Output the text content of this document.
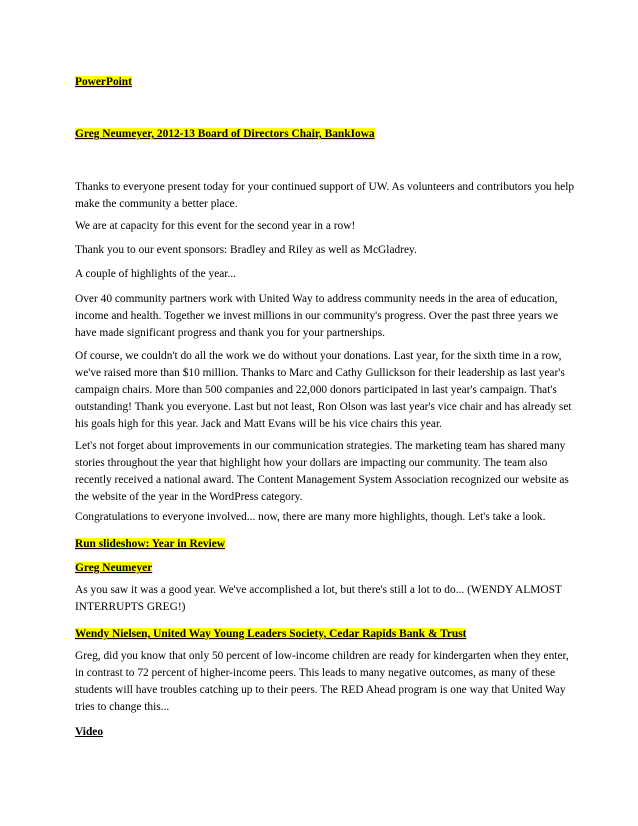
PowerPoint
Greg Neumeyer, 2012-13 Board of Directors Chair, BankIowa

Thanks to everyone present today for your continued support of UW. As volunteers and contributors you help make the community a better place.

We are at capacity for this event for the second year in a row!

Thank you to our event sponsors: Bradley and Riley as well as McGladrey.

A couple of highlights of the year...

Over 40 community partners work with United Way to address community needs in the area of education, income and health. Together we invest millions in our community's progress. Over the past three years we have made significant progress and thank you for your partnerships.

Of course, we couldn't do all the work we do without your donations. Last year, for the sixth time in a row, we've raised more than $10 million. Thanks to Marc and Cathy Gullickson for their leadership as last year's campaign chairs. More than 500 companies and 22,000 donors participated in last year's campaign. That's outstanding! Thank you everyone. Last but not least, Ron Olson was last year's vice chair and has already set his goals high for this year. Jack and Matt Evans will be his vice chairs this year.

Let's not forget about improvements in our communication strategies. The marketing team has shared many stories throughout the year that highlight how your dollars are impacting our community. The team also recently received a national award. The Content Management System Association recognized our website as the website of the year in the WordPress category.

Congratulations to everyone involved... now, there are many more highlights, though. Let's take a look.

Run slideshow: Year in Review
Greg Neumeyer

As you saw it was a good year. We've accomplished a lot, but there's still a lot to do... (WENDY ALMOST INTERRUPTS GREG!)

Wendy Nielsen, United Way Young Leaders Society, Cedar Rapids Bank & Trust

Greg, did you know that only 50 percent of low-income children are ready for kindergarten when they enter, in contrast to 72 percent of higher-income peers. This leads to many negative outcomes, as many of these students will have troubles catching up to their peers. The RED Ahead program is one way that United Way tries to change this...

Video
